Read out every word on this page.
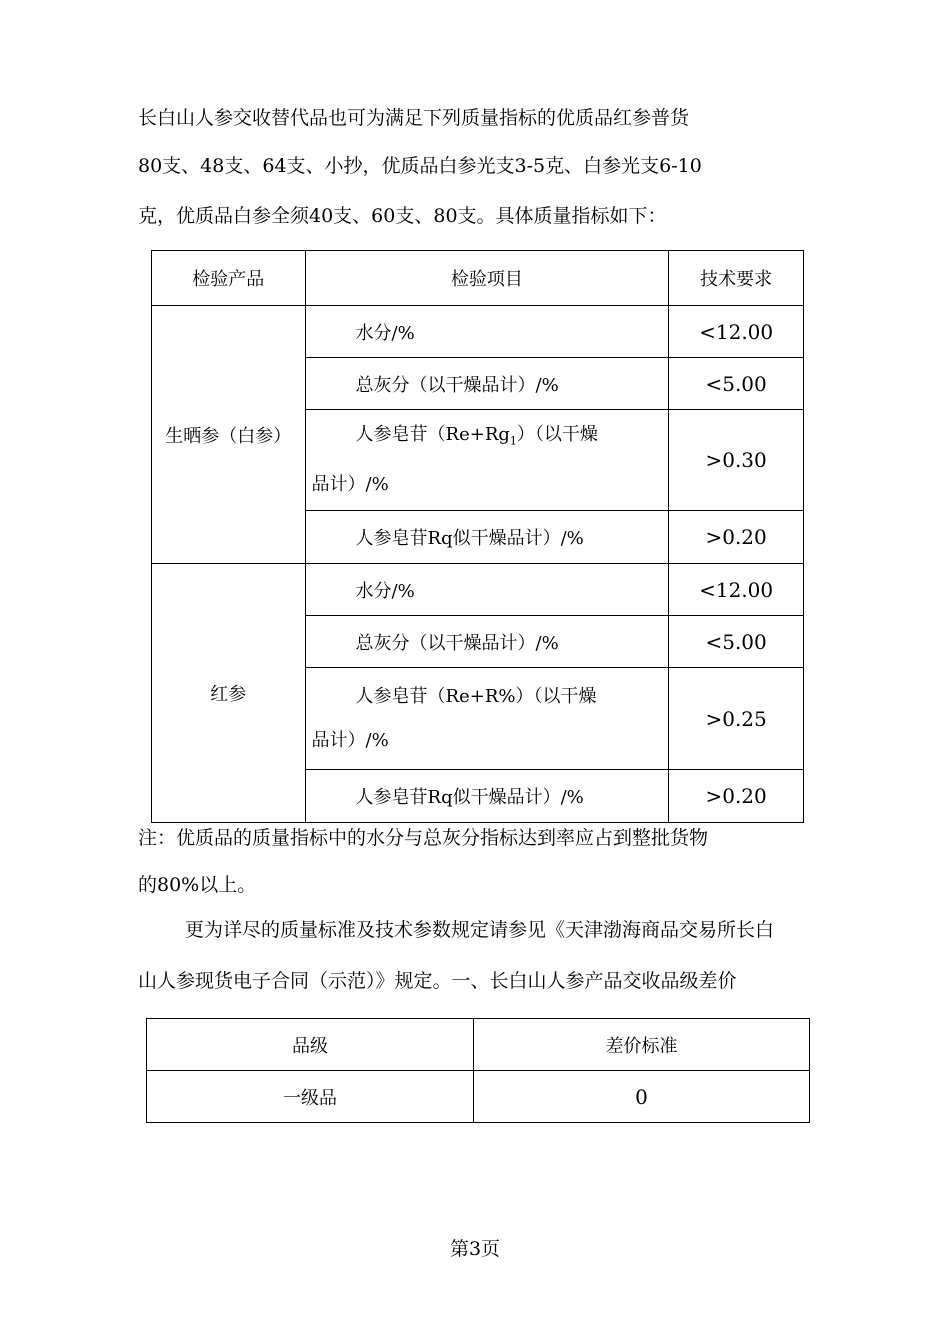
长白山人参交收替代品也可为满足下列质量指标的优质品红参普货

80支、48支、64支、小抄，优质品白参光支3-5克、白参光支6-10

克，优质品白参全须40支、60支、80支。具体质量指标如下：

检验产品	检验项目	技术要求
生晒参（白参）	水分/%	<12.00
	总灰分（以干燥品计）/%	<5.00

	人参皂苷$(Re+Rg_1)$（以干燥
品计）/%	>0.30
	人参皂苷Rq似干燥品计）/%	>0.20
红参	水分/%	<12.00
	总灰分（以干燥品计）/%	<5.00

	人参皂苷（Re+R%）（以干燥
品计）/%	>0.25
	人参皂苷Rq似干燥品计）/%	>0.20

注：优质品的质量指标中的水分与总灰分指标达到率应占到整批货物

的80%以上。

更为详尽的质量标准及技术参数规定请参见《天津渤海商品交易所长白

山人参现货电子合同（示范）》规定。一、长白山人参产品交收品级差价

品级	差价标准
一级品	0
第3页
